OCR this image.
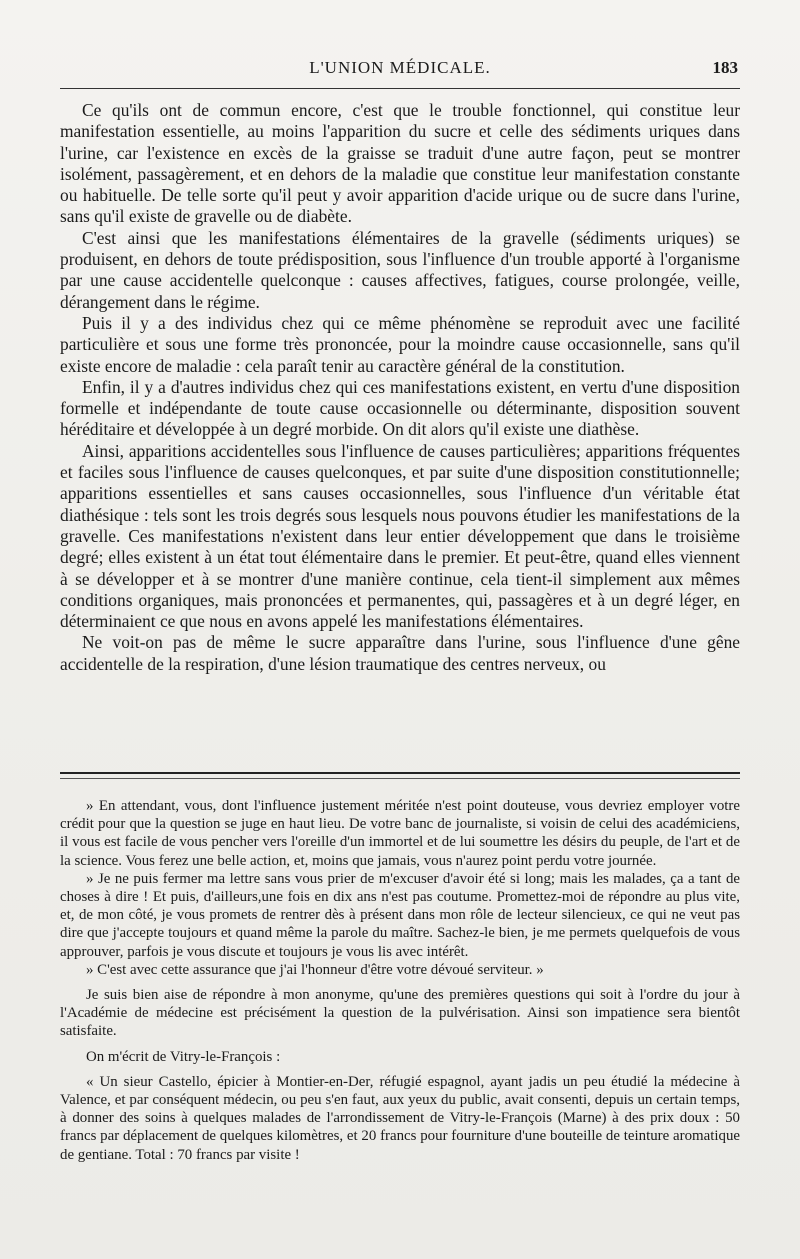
L'UNION MÉDICALE.	183

Ce qu'ils ont de commun encore, c'est que le trouble fonctionnel, qui constitue leur manifestation essentielle, au moins l'apparition du sucre et celle des sédiments uriques dans l'urine, car l'existence en excès de la graisse se traduit d'une autre façon, peut se montrer isolément, passagèrement, et en dehors de la maladie que constitue leur manifestation constante ou habituelle. De telle sorte qu'il peut y avoir apparition d'acide urique ou de sucre dans l'urine, sans qu'il existe de gravelle ou de diabète.

C'est ainsi que les manifestations élémentaires de la gravelle (sédiments uriques) se produisent, en dehors de toute prédisposition, sous l'influence d'un trouble apporté à l'organisme par une cause accidentelle quelconque : causes affectives, fatigues, course prolongée, veille, dérangement dans le régime.

Puis il y a des individus chez qui ce même phénomène se reproduit avec une facilité particulière et sous une forme très prononcée, pour la moindre cause occasionnelle, sans qu'il existe encore de maladie : cela paraît tenir au caractère général de la constitution.

Enfin, il y a d'autres individus chez qui ces manifestations existent, en vertu d'une disposition formelle et indépendante de toute cause occasionnelle ou déterminante, disposition souvent héréditaire et développée à un degré morbide. On dit alors qu'il existe une diathèse.

Ainsi, apparitions accidentelles sous l'influence de causes particulières; apparitions fréquentes et faciles sous l'influence de causes quelconques, et par suite d'une disposition constitutionnelle; apparitions essentielles et sans causes occasionnelles, sous l'influence d'un véritable état diathésique : tels sont les trois degrés sous lesquels nous pouvons étudier les manifestations de la gravelle. Ces manifestations n'existent dans leur entier développement que dans le troisième degré; elles existent à un état tout élémentaire dans le premier. Et peut-être, quand elles viennent à se développer et à se montrer d'une manière continue, cela tient-il simplement aux mêmes conditions organiques, mais prononcées et permanentes, qui, passagères et à un degré léger, en déterminaient ce que nous en avons appelé les manifestations élémentaires.

Ne voit-on pas de même le sucre apparaître dans l'urine, sous l'influence d'une gêne accidentelle de la respiration, d'une lésion traumatique des centres nerveux, ou

» En attendant, vous, dont l'influence justement méritée n'est point douteuse, vous devriez employer votre crédit pour que la question se juge en haut lieu. De votre banc de journaliste, si voisin de celui des académiciens, il vous est facile de vous pencher vers l'oreille d'un immortel et de lui soumettre les désirs du peuple, de l'art et de la science. Vous ferez une belle action, et, moins que jamais, vous n'aurez point perdu votre journée.

» Je ne puis fermer ma lettre sans vous prier de m'excuser d'avoir été si long; mais les malades, ça a tant de choses à dire ! Et puis, d'ailleurs,une fois en dix ans n'est pas coutume. Promettez-moi de répondre au plus vite, et, de mon côté, je vous promets de rentrer dès à présent dans mon rôle de lecteur silencieux, ce qui ne veut pas dire que j'accepte toujours et quand même la parole du maître. Sachez-le bien, je me permets quelquefois de vous approuver, parfois je vous discute et toujours je vous lis avec intérêt.

» C'est avec cette assurance que j'ai l'honneur d'être votre dévoué serviteur. »

Je suis bien aise de répondre à mon anonyme, qu'une des premières questions qui soit à l'ordre du jour à l'Académie de médecine est précisément la question de la pulvérisation. Ainsi son impatience sera bientôt satisfaite.

On m'écrit de Vitry-le-François :

« Un sieur Castello, épicier à Montier-en-Der, réfugié espagnol, ayant jadis un peu étudié la médecine à Valence, et par conséquent médecin, ou peu s'en faut, aux yeux du public, avait consenti, depuis un certain temps, à donner des soins à quelques malades de l'arrondissement de Vitry-le-François (Marne) à des prix doux : 50 francs par déplacement de quelques kilomètres, et 20 francs pour fourniture d'une bouteille de teinture aromatique de gentiane. Total : 70 francs par visite !
